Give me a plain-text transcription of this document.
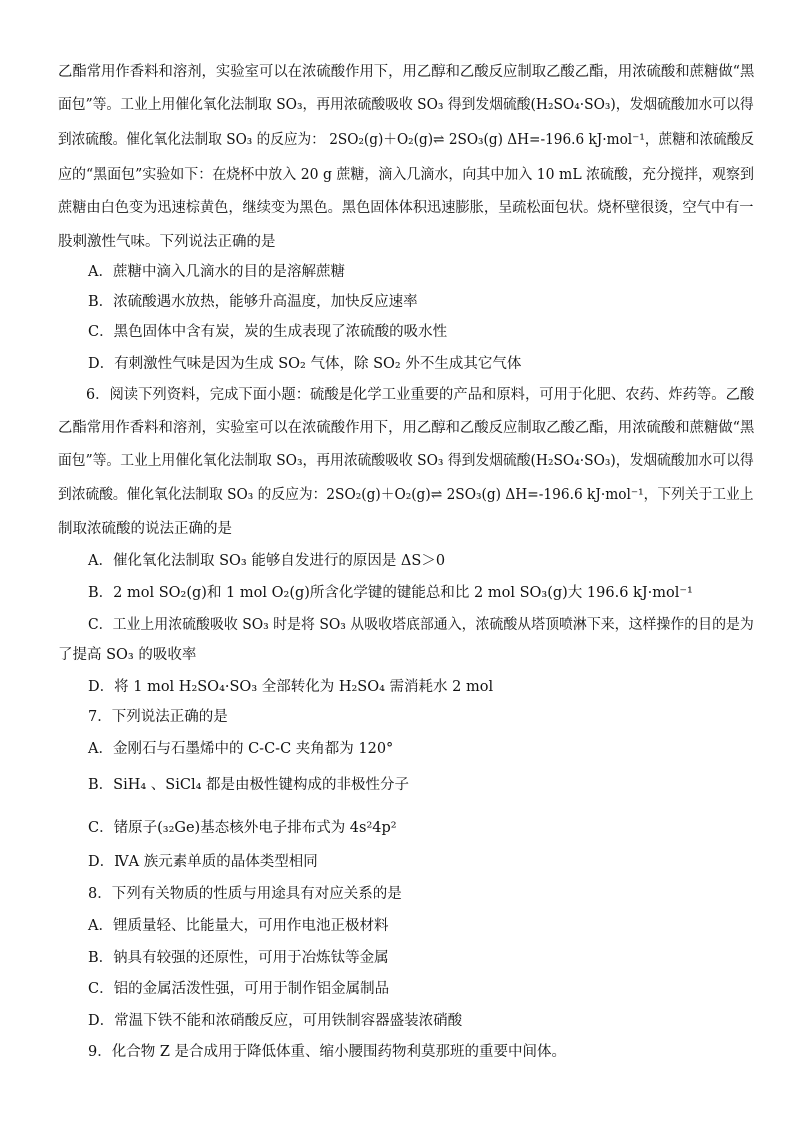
乙酯常用作香料和溶剂，实验室可以在浓硫酸作用下，用乙醇和乙酸反应制取乙酸乙酯，用浓硫酸和蔗糖做“黑
面包”等。工业上用催化氧化法制取 SO₃，再用浓硫酸吸收 SO₃ 得到发烟硫酸(H₂SO₄·SO₃)，发烟硫酸加水可以得
到浓硫酸。催化氧化法制取 SO₃ 的反应为： 2SO₂(g)＋O₂(g)⇌ 2SO₃(g) ΔH=-196.6 kJ·mol⁻¹，蔗糖和浓硫酸反
应的“黑面包”实验如下：在烧杯中放入 20 g 蔗糖，滴入几滴水，向其中加入 10 mL 浓硫酸，充分搅拌，观察到
蔗糖由白色变为迅速棕黄色，继续变为黑色。黑色固体体积迅速膨胀，呈疏松面包状。烧杯壁很烫，空气中有一
股刺激性气味。下列说法正确的是
A．蔗糖中滴入几滴水的目的是溶解蔗糖
B．浓硫酸遇水放热，能够升高温度，加快反应速率
C．黑色固体中含有炭，炭的生成表现了浓硫酸的吸水性
D．有刺激性气味是因为生成 SO₂ 气体，除 SO₂ 外不生成其它气体
6．阅读下列资料，完成下面小题：硫酸是化学工业重要的产品和原料，可用于化肥、农药、炸药等。乙酸
乙酯常用作香料和溶剂，实验室可以在浓硫酸作用下，用乙醇和乙酸反应制取乙酸乙酯，用浓硫酸和蔗糖做“黑
面包”等。工业上用催化氧化法制取 SO₃，再用浓硫酸吸收 SO₃ 得到发烟硫酸(H₂SO₄·SO₃)，发烟硫酸加水可以得
到浓硫酸。催化氧化法制取 SO₃ 的反应为：2SO₂(g)＋O₂(g)⇌ 2SO₃(g) ΔH=-196.6 kJ·mol⁻¹，下列关于工业上
制取浓硫酸的说法正确的是
A．催化氧化法制取 SO₃ 能够自发进行的原因是 ΔS＞0
B．2 mol SO₂(g)和 1 mol O₂(g)所含化学键的键能总和比 2 mol SO₃(g)大 196.6 kJ·mol⁻¹
C．工业上用浓硫酸吸收 SO₃ 时是将 SO₃ 从吸收塔底部通入，浓硫酸从塔顶喷淋下来，这样操作的目的是为
了提高 SO₃ 的吸收率
D．将 1 mol H₂SO₄·SO₃ 全部转化为 H₂SO₄ 需消耗水 2 mol
7．下列说法正确的是
A．金刚石与石墨烯中的 C-C-C 夹角都为 120°
B．SiH₄ 、SiCl₄ 都是由极性键构成的非极性分子
C．锗原子(₃₂Ge)基态核外电子排布式为 4s²4p²
D．ⅣA 族元素单质的晶体类型相同
8．下列有关物质的性质与用途具有对应关系的是
A．锂质量轻、比能量大，可用作电池正极材料
B．钠具有较强的还原性，可用于冶炼钛等金属
C．铝的金属活泼性强，可用于制作铝金属制品
D．常温下铁不能和浓硝酸反应，可用铁制容器盛装浓硝酸
9．化合物 Z 是合成用于降低体重、缩小腰围药物利莫那班的重要中间体。
